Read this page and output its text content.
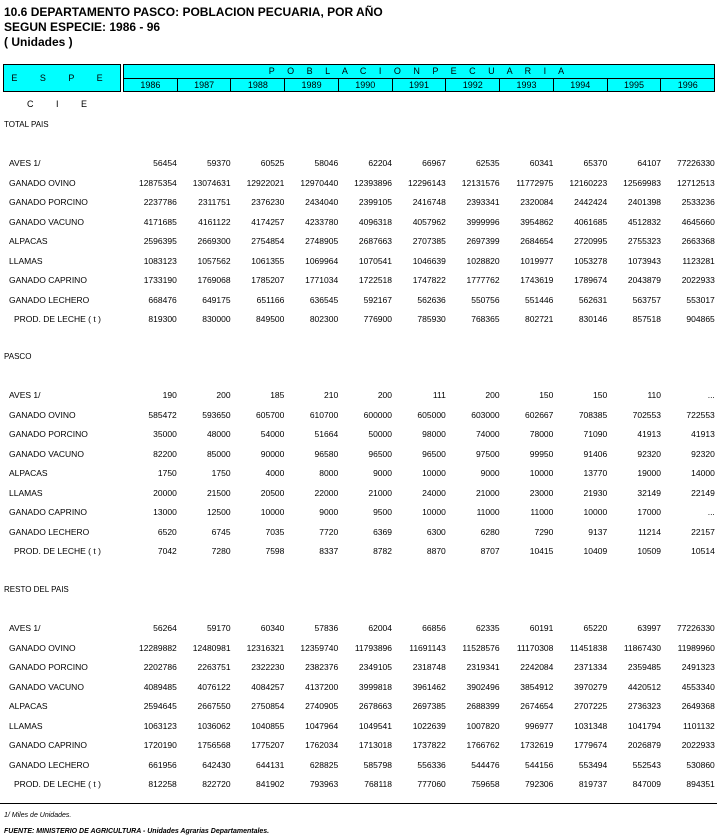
10.6 DEPARTAMENTO PASCO: POBLACION PECUARIA, POR AÑO
SEGUN ESPECIE: 1986 - 96
( Unidades )
E S P E C I E
P O B L A C I O N P E C U A R I A
1986	1987	1988	1989	1990	1991	1992	1993	1994	1995	1996
TOTAL PAIS
AVES 1/	56454	59370	60525	58046	62204	66967	62535	60341	65370	64107	77226330
GANADO OVINO	12875354	13074631	12922021	12970440	12393896	12296143	12131576	11772975	12160223	12569983	12712513
GANADO PORCINO	2237786	2311751	2376230	2434040	2399105	2416748	2393341	2320084	2442424	2401398	2533236
GANADO VACUNO	4171685	4161122	4174257	4233780	4096318	4057962	3999996	3954862	4061685	4512832	4645660
ALPACAS	2596395	2669300	2754854	2748905	2687663	2707385	2697399	2684654	2720995	2755323	2663368
LLAMAS	1083123	1057562	1061355	1069964	1070541	1046639	1028820	1019977	1053278	1073943	1123281
GANADO CAPRINO	1733190	1769068	1785207	1771034	1722518	1747822	1777762	1743619	1789674	2043879	2022933
GANADO LECHERO	668476	649175	651166	636545	592167	562636	550756	551446	562631	563757	553017
PROD. DE LECHE ( t )	819300	830000	849500	802300	776900	785930	768365	802721	830146	857518	904865
PASCO
AVES 1/	190	200	185	210	200	111	200	150	150	110	...
GANADO OVINO	585472	593650	605700	610700	600000	605000	603000	602667	708385	702553	722553
GANADO PORCINO	35000	48000	54000	51664	50000	98000	74000	78000	71090	41913	41913
GANADO VACUNO	82200	85000	90000	96580	96500	96500	97500	99950	91406	92320	92320
ALPACAS	1750	1750	4000	8000	9000	10000	9000	10000	13770	19000	14000
LLAMAS	20000	21500	20500	22000	21000	24000	21000	23000	21930	32149	22149
GANADO CAPRINO	13000	12500	10000	9000	9500	10000	11000	11000	10000	17000	...
GANADO LECHERO	6520	6745	7035	7720	6369	6300	6280	7290	9137	11214	22157
PROD. DE LECHE ( t )	7042	7280	7598	8337	8782	8870	8707	10415	10409	10509	10514
RESTO DEL PAIS
AVES 1/	56264	59170	60340	57836	62004	66856	62335	60191	65220	63997	77226330
GANADO OVINO	12289882	12480981	12316321	12359740	11793896	11691143	11528576	11170308	11451838	11867430	11989960
GANADO PORCINO	2202786	2263751	2322230	2382376	2349105	2318748	2319341	2242084	2371334	2359485	2491323
GANADO VACUNO	4089485	4076122	4084257	4137200	3999818	3961462	3902496	3854912	3970279	4420512	4553340
ALPACAS	2594645	2667550	2750854	2740905	2678663	2697385	2688399	2674654	2707225	2736323	2649368
LLAMAS	1063123	1036062	1040855	1047964	1049541	1022639	1007820	996977	1031348	1041794	1101132
GANADO CAPRINO	1720190	1756568	1775207	1762034	1713018	1737822	1766762	1732619	1779674	2026879	2022933
GANADO LECHERO	661956	642430	644131	628825	585798	556336	544476	544156	553494	552543	530860
PROD. DE LECHE ( t )	812258	822720	841902	793963	768118	777060	759658	792306	819737	847009	894351
1/ Miles de Unidades.
FUENTE: MINISTERIO DE AGRICULTURA - Unidades Agrarias Departamentales.
